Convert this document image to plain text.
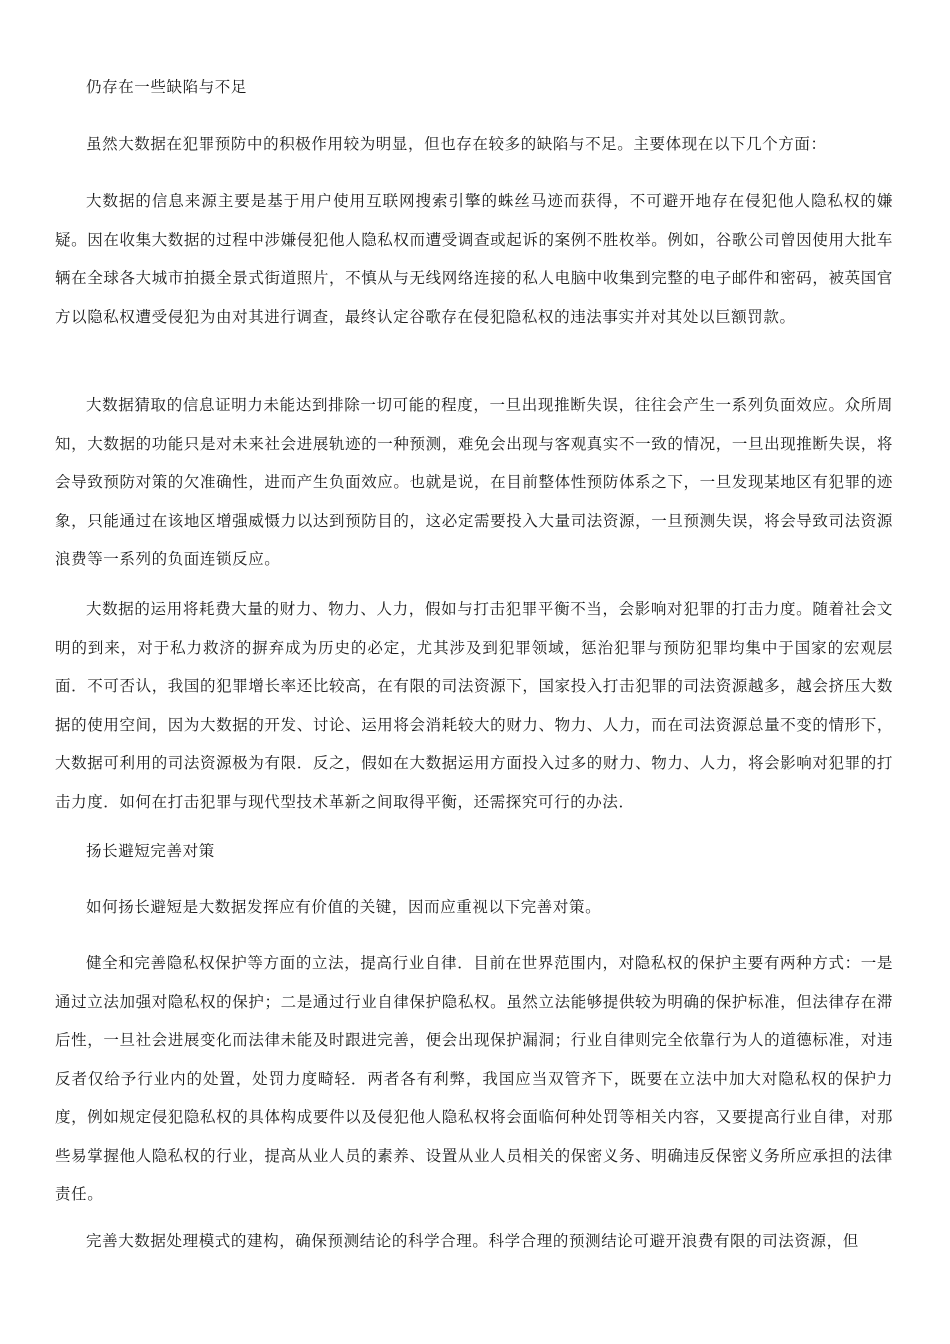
仍存在一些缺陷与不足

虽然大数据在犯罪预防中的积极作用较为明显，但也存在较多的缺陷与不足。主要体现在以下几个方面：

大数据的信息来源主要是基于用户使用互联网搜索引擎的蛛丝马迹而获得，不可避开地存在侵犯他人隐私权的嫌疑。因在收集大数据的过程中涉嫌侵犯他人隐私权而遭受调查或起诉的案例不胜枚举。例如，谷歌公司曾因使用大批车辆在全球各大城市拍摄全景式街道照片，不慎从与无线网络连接的私人电脑中收集到完整的电子邮件和密码，被英国官方以隐私权遭受侵犯为由对其进行调查，最终认定谷歌存在侵犯隐私权的违法事实并对其处以巨额罚款。

大数据猜取的信息证明力未能达到排除一切可能的程度，一旦出现推断失误，往往会产生一系列负面效应。众所周知，大数据的功能只是对未来社会进展轨迹的一种预测，难免会出现与客观真实不一致的情况，一旦出现推断失误，将会导致预防对策的欠准确性，进而产生负面效应。也就是说，在目前整体性预防体系之下，一旦发现某地区有犯罪的迹象，只能通过在该地区增强威慑力以达到预防目的，这必定需要投入大量司法资源，一旦预测失误，将会导致司法资源浪费等一系列的负面连锁反应。

大数据的运用将耗费大量的财力、物力、人力，假如与打击犯罪平衡不当，会影响对犯罪的打击力度。随着社会文明的到来，对于私力救济的摒弃成为历史的必定，尤其涉及到犯罪领域，惩治犯罪与预防犯罪均集中于国家的宏观层面．不可否认，我国的犯罪增长率还比较高，在有限的司法资源下，国家投入打击犯罪的司法资源越多，越会挤压大数据的使用空间，因为大数据的开发、讨论、运用将会消耗较大的财力、物力、人力，而在司法资源总量不变的情形下，大数据可利用的司法资源极为有限．反之，假如在大数据运用方面投入过多的财力、物力、人力，将会影响对犯罪的打击力度．如何在打击犯罪与现代型技术革新之间取得平衡，还需探究可行的办法．

扬长避短完善对策

如何扬长避短是大数据发挥应有价值的关键，因而应重视以下完善对策。

健全和完善隐私权保护等方面的立法，提高行业自律．目前在世界范围内，对隐私权的保护主要有两种方式：一是通过立法加强对隐私权的保护；二是通过行业自律保护隐私权。虽然立法能够提供较为明确的保护标准，但法律存在滞后性，一旦社会进展变化而法律未能及时跟进完善，便会出现保护漏洞；行业自律则完全依靠行为人的道德标准，对违反者仅给予行业内的处置，处罚力度畸轻．两者各有利弊，我国应当双管齐下，既要在立法中加大对隐私权的保护力度，例如规定侵犯隐私权的具体构成要件以及侵犯他人隐私权将会面临何种处罚等相关内容，又要提高行业自律，对那些易掌握他人隐私权的行业，提高从业人员的素养、设置从业人员相关的保密义务、明确违反保密义务所应承担的法律责任。

完善大数据处理模式的建构，确保预测结论的科学合理。科学合理的预测结论可避开浪费有限的司法资源，但
